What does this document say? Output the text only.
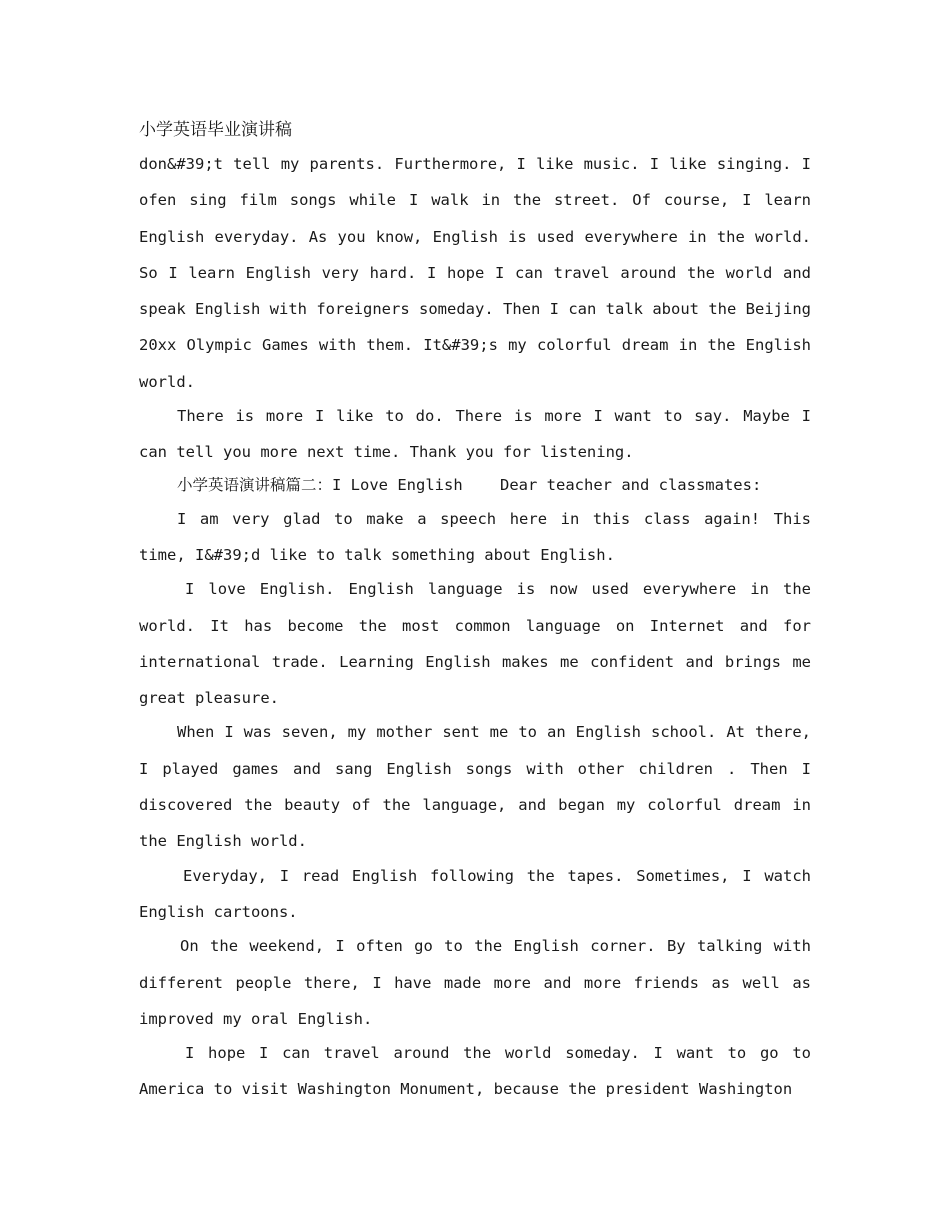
小学英语毕业演讲稿

don&#39;t tell my parents. Furthermore, I like music. I like singing. I ofen sing film songs while I walk in the street. Of course, I learn English everyday. As you know, English is used everywhere in the world. So I learn English very hard. I hope I can travel around the world and speak English with foreigners someday. Then I can talk about the Beijing 20xx Olympic Games with them. It&#39;s my colorful dream in the English world.

There is more I like to do. There is more I want to say. Maybe I can tell you more next time. Thank you for listening.

小学英语演讲稿篇二：I Love English Dear teacher and classmates:

I am very glad to make a speech here in this class again! This time, I&#39;d like to talk something about English.

I love English. English language is now used everywhere in the world. It has become the most common language on Internet and for international trade. Learning English makes me confident and brings me great pleasure.

When I was seven, my mother sent me to an English school. At there, I played games and sang English songs with other children . Then I discovered the beauty of the language, and began my colorful dream in the English world.

Everyday, I read English following the tapes. Sometimes, I watch English cartoons.

On the weekend, I often go to the English corner. By talking with different people there, I have made more and more friends as well as improved my oral English.

I hope I can travel around the world someday. I want to go to America to visit Washington Monument, because the president Washington
